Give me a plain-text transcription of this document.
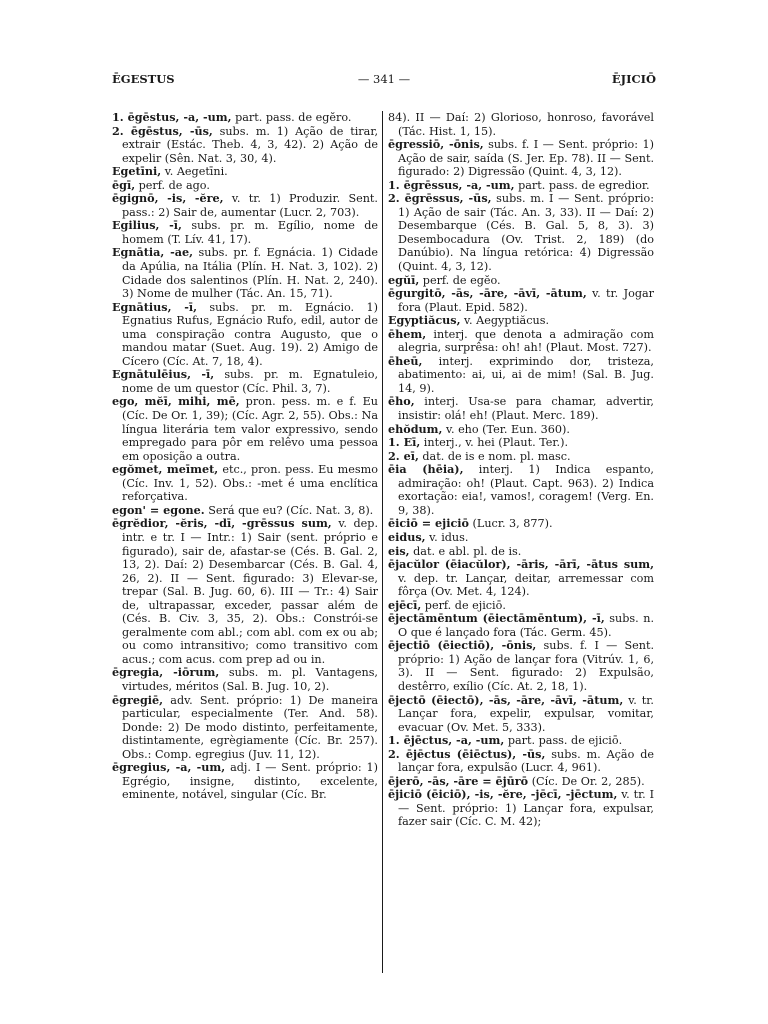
ĒGESTUS	— 341 —	ĒJICIŌ

1. ēgēstus, -a, -um, part. pass. de egĕro.

2. ēgēstus, -ūs, subs. m. 1) Ação de tirar, extrair (Estác. Theb. 4, 3, 42). 2) Ação de expelir (Sên. Nat. 3, 30, 4).

Egetīni, v. Aegetīni.

ēgī, perf. de ago.

ēgignō, -is, -ĕre, v. tr. 1) Produzir. Sent. pass.: 2) Sair de, aumentar (Lucr. 2, 703).

Egilius, -ī, subs. pr. m. Egílio, nome de homem (T. Lív. 41, 17).

Egnātia, -ae, subs. pr. f. Egnácia. 1) Cidade da Apúlia, na Itália (Plín. H. Nat. 3, 102). 2) Cidade dos salentinos (Plín. H. Nat. 2, 240). 3) Nome de mulher (Tác. An. 15, 71).

Egnātius, -ī, subs. pr. m. Egnácio. 1) Egnatius Rufus, Egnácio Rufo, edil, autor de uma conspiração contra Augusto, que o mandou matar (Suet. Aug. 19). 2) Amigo de Cícero (Cíc. At. 7, 18, 4).

Egnātulēius, -ī, subs. pr. m. Egnatuleio, nome de um questor (Cíc. Phil. 3, 7).

ego, mĕī, mihi, mē, pron. pess. m. e f. Eu (Cíc. De Or. 1, 39); (Cíc. Agr. 2, 55). Obs.: Na língua literária tem valor expressivo, sendo empregado para pôr em relêvo uma pessoa em oposição a outra.

egŏmet, meīmet, etc., pron. pess. Eu mesmo (Cíc. Inv. 1, 52). Obs.: -met é uma enclítica reforçativa.

egon' = egone. Será que eu? (Cíc. Nat. 3, 8).

ēgrĕdior, -ĕris, -dī, -grēssus sum, v. dep. intr. e tr. I — Intr.: 1) Sair (sent. próprio e figurado), sair de, afastar-se (Cés. B. Gal. 2, 13, 2). Daí: 2) Desembarcar (Cés. B. Gal. 4, 26, 2). II — Sent. figurado: 3) Elevar-se, trepar (Sal. B. Jug. 60, 6). III — Tr.: 4) Sair de, ultrapassar, exceder, passar além de (Cés. B. Civ. 3, 35, 2). Obs.: Constrói-se geralmente com abl.; com abl. com ex ou ab; ou como intransitivo; como transitivo com acus.; com acus. com prep ad ou in.

ēgregia, -iōrum, subs. m. pl. Vantagens, virtudes, méritos (Sal. B. Jug. 10, 2).

ēgregiē, adv. Sent. próprio: 1) De maneira particular, especialmente (Ter. And. 58). Donde: 2) De modo distinto, perfeitamente, distintamente, egrègiamente (Cíc. Br. 257). Obs.: Comp. egregius (Juv. 11, 12).

ēgregius, -a, -um, adj. I — Sent. próprio: 1) Egrégio, insigne, distinto, excelente, eminente, notável, singular (Cíc. Br.

84). II — Daí: 2) Glorioso, honroso, favorável (Tác. Hist. 1, 15).

ēgressiō, -ōnis, subs. f. I — Sent. próprio: 1) Ação de sair, saída (S. Jer. Ep. 78). II — Sent. figurado: 2) Digressão (Quint. 4, 3, 12).

1. ēgrēssus, -a, -um, part. pass. de egredior.

2. ēgrēssus, -ūs, subs. m. I — Sent. próprio: 1) Ação de sair (Tác. An. 3, 33). II — Daí: 2) Desembarque (Cés. B. Gal. 5, 8, 3). 3) Desembocadura (Ov. Trist. 2, 189) (do Danúbio). Na língua retórica: 4) Digressão (Quint. 4, 3, 12).

egŭī, perf. de egĕo.

ēgurgitō, -ās, -āre, -āvī, -ātum, v. tr. Jogar fora (Plaut. Epid. 582).

Egyptiăcus, v. Aegyptiăcus.

ēhem, interj. que denota a admiração com alegria, surprêsa: oh! ah! (Plaut. Most. 727).

ēheū, interj. exprimindo dor, tristeza, abatimento: ai, ui, ai de mim! (Sal. B. Jug. 14, 9).

ēho, interj. Usa-se para chamar, advertir, insistir: olá! eh! (Plaut. Merc. 189).

ehŏdum, v. eho (Ter. Eun. 360).

1. Eī, interj., v. hei (Plaut. Ter.).

2. eī, dat. de is e nom. pl. masc.

ēia (hēia), interj. 1) Indica espanto, admiração: oh! (Plaut. Capt. 963). 2) Indica exortação: eia!, vamos!, coragem! (Verg. En. 9, 38).

ēiciō = ejiciō (Lucr. 3, 877).

eidus, v. idus.

eis, dat. e abl. pl. de is.

ējacŭlor (ēiacŭlor), -āris, -ārī, -ātus sum, v. dep. tr. Lançar, deitar, arremessar com fôrça (Ov. Met. 4, 124).

ejēcī, perf. de ejiciō.

ējectāmēntum (ēiectāmēntum), -ī, subs. n. O que é lançado fora (Tác. Germ. 45).

ējectiō (ēiectiō), -ōnis, subs. f. I — Sent. próprio: 1) Ação de lançar fora (Vitrúv. 1, 6, 3). II — Sent. figurado: 2) Expulsão, destêrro, exílio (Cíc. At. 2, 18, 1).

ējectō (ēiectō), -ās, -āre, -āvī, -ātum, v. tr. Lançar fora, expelir, expulsar, vomitar, evacuar (Ov. Met. 5, 333).

1. ējēctus, -a, -um, part. pass. de ejiciō.

2. ējēctus (ēiēctus), -ūs, subs. m. Ação de lançar fora, expulsão (Lucr. 4, 961).

ējerō, -ās, -āre = ējūrō (Cíc. De Or. 2, 285).

ējiciō (ēiciō), -is, -ĕre, -jēcī, -jēctum, v. tr. I — Sent. próprio: 1) Lançar fora, expulsar, fazer sair (Cíc. C. M. 42);
